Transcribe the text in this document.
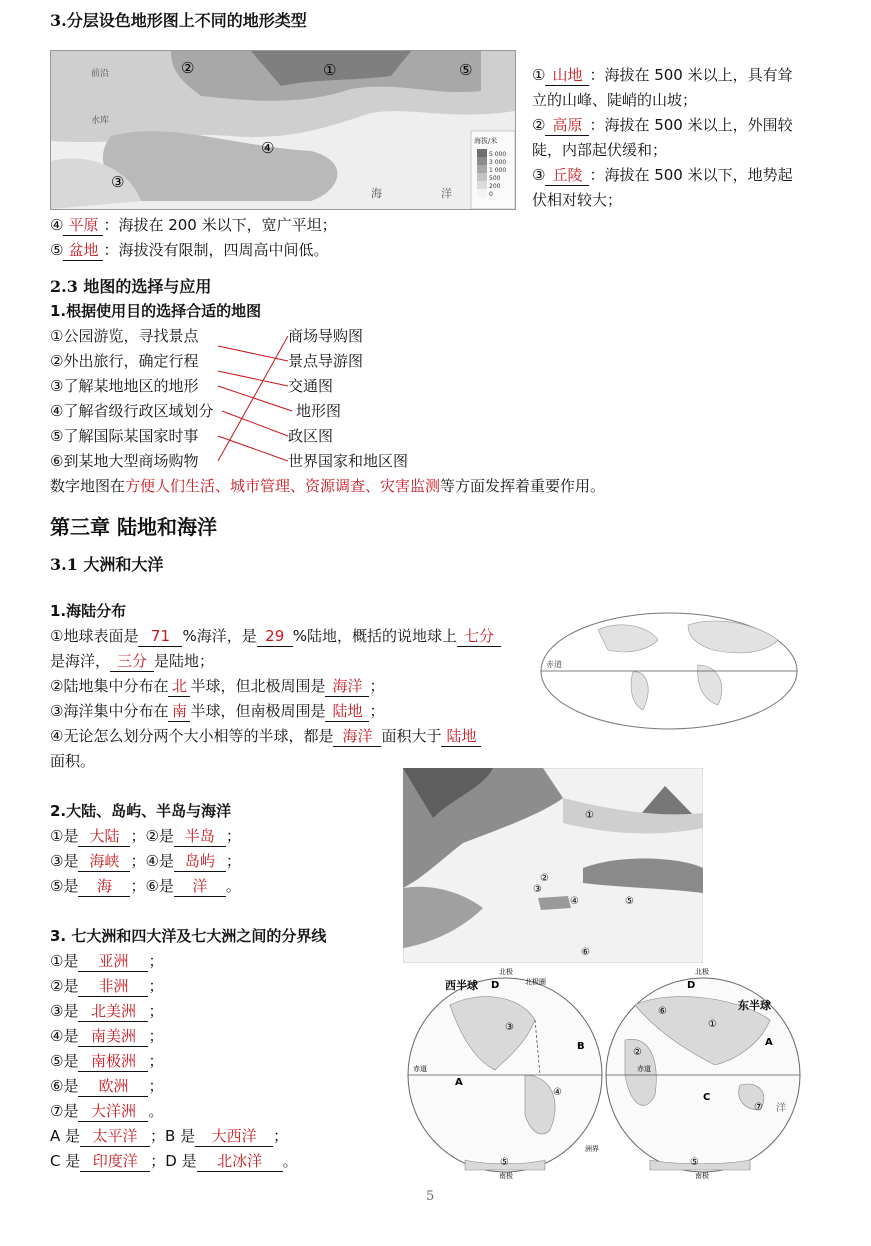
3.分层设色地形图上不同的地形类型
②	①	⑤
④
③
前沿
水库
海	洋
海拔/米
5 000
3 000
1 000
500
200
0
① 山地 ：海拔在 500 米以上，具有耸
立的山峰、陡峭的山坡；
② 高原 ：海拔在 500 米以上，外围较
陡，内部起伏缓和；
③ 丘陵 ：海拔在 500 米以下，地势起
伏相对较大；
④ 平原 ：海拔在 200 米以下，宽广平坦；
⑤ 盆地 ：海拔没有限制，四周高中间低。
2.3 地图的选择与应用
1.根据使用目的选择合适的地图
①公园游览，寻找景点
②外出旅行，确定行程
③了解某地地区的地形
④了解省级行政区域划分
⑤了解国际某国家时事
⑥到某地大型商场购物
商场导购图
景点导游图
交通图
地形图
政区图
世界国家和地区图
数字地图在方便人们生活、城市管理、资源调查、灾害监测等方面发挥着重要作用。
第三章 陆地和海洋
3.1 大洲和大洋
1.海陆分布
①地球表面是 71 %海洋，是 29 %陆地，概括的说地球上 七分
是海洋， 三分 是陆地；
②陆地集中分布在 北 半球，但北极周围是 海洋 ；
③海洋集中分布在 南 半球，但南极周围是 陆地 ；
④无论怎么划分两个大小相等的半球，都是 海洋 面积大于 陆地
面积。
赤道
2.大陆、岛屿、半岛与海洋
①是 大陆 ；②是 半岛 ；
③是 海峡 ；④是 岛屿 ；
⑤是 海 ；⑥是 洋 。
①
②
③
④	⑤
⑥
3. 七大洲和四大洋及七大洲之间的分界线
①是 亚洲 ；
②是 非洲 ；
③是 北美洲 ；
④是 南美洲 ；
⑤是 南极洲 ；
⑥是 欧洲 ；
⑦是 大洋洲 。
A 是 太平洋 ；B 是 大西洋 ；
C 是 印度洋 ；D 是 北冰洋 。
西半球
东半球
北极	北极
南极	南极
北极圈
赤道	赤道
洲界
A
B
C
D	D
A
①
②
③
④
⑤	⑤
⑥
⑦ 洋
5
